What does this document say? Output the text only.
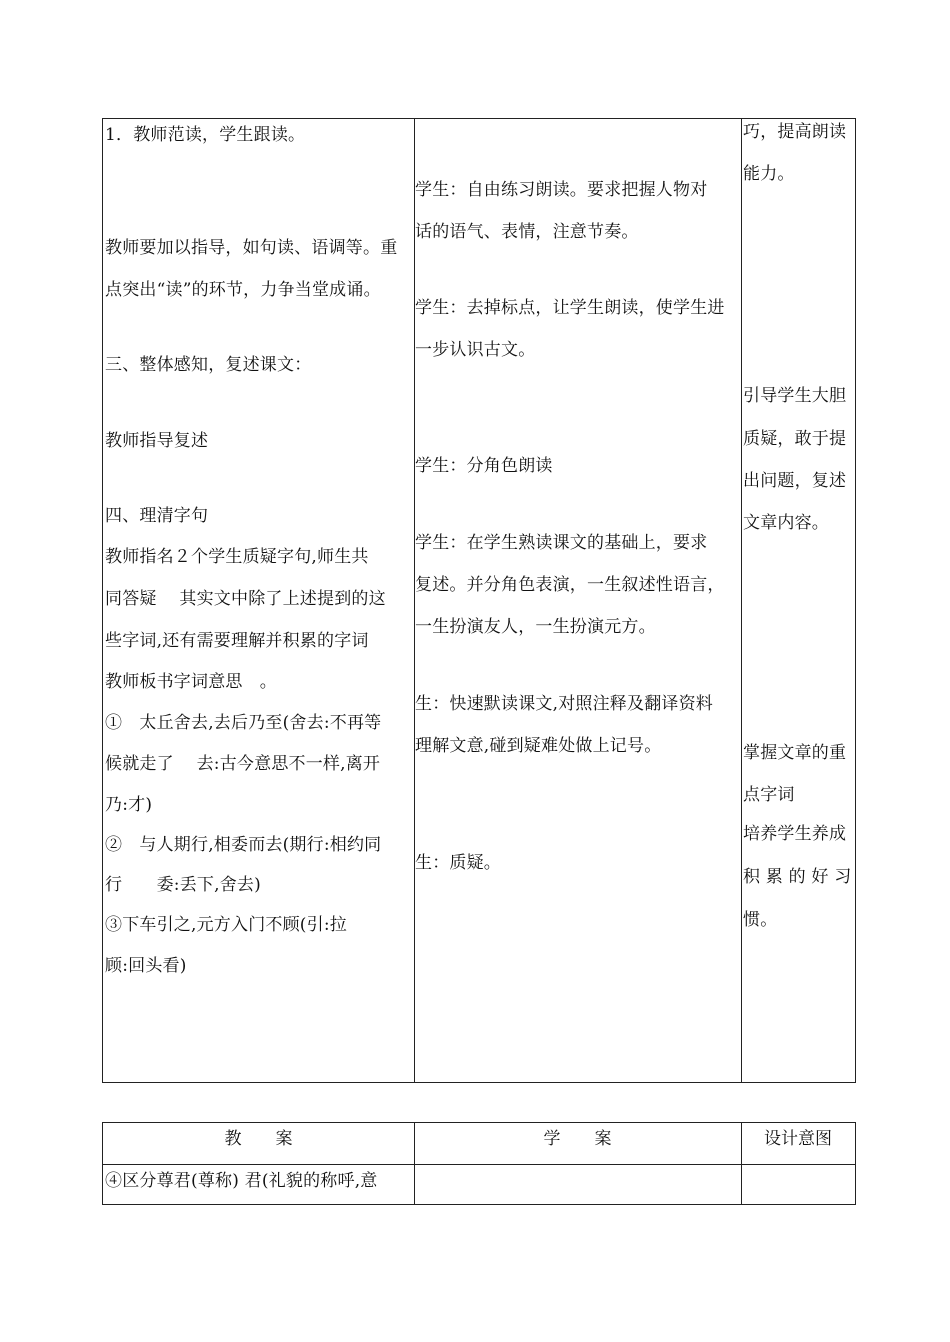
1．教师范读，学生跟读。
教师要加以指导，如句读、语调等。重
点突出“读”的环节，力争当堂成诵。
三、整体感知，复述课文：
教师指导复述
四、理清字句
教师指名２个学生质疑字句,师生共
同答疑　 其实文中除了上述提到的这
些字词,还有需要理解并积累的字词
教师板书字词意思　。
①　太丘舍去,去后乃至(舍去:不再等
候就走了　 去:古今意思不一样,离开
乃:才)
②　与人期行,相委而去(期行:相约同
行　　委:丢下,舍去)
③下车引之,元方入门不顾(引:拉
顾:回头看)
学生：自由练习朗读。要求把握人物对
话的语气、表情，注意节奏。
学生：去掉标点，让学生朗读，使学生进
一步认识古文。
学生：分角色朗读
学生：在学生熟读课文的基础上，要求
复述。并分角色表演，一生叙述性语言，
一生扮演友人，一生扮演元方。
生：快速默读课文,对照注释及翻译资料
理解文意,碰到疑难处做上记号。
生：质疑。
巧，提高朗读
能力。
引导学生大胆
质疑，敢于提
出问题，复述
文章内容。
掌握文章的重
点字词
培养学生养成
积 累 的 好 习
惯。
教　　案	学　　案	设计意图
④区分尊君(尊称) 君(礼貌的称呼,意
